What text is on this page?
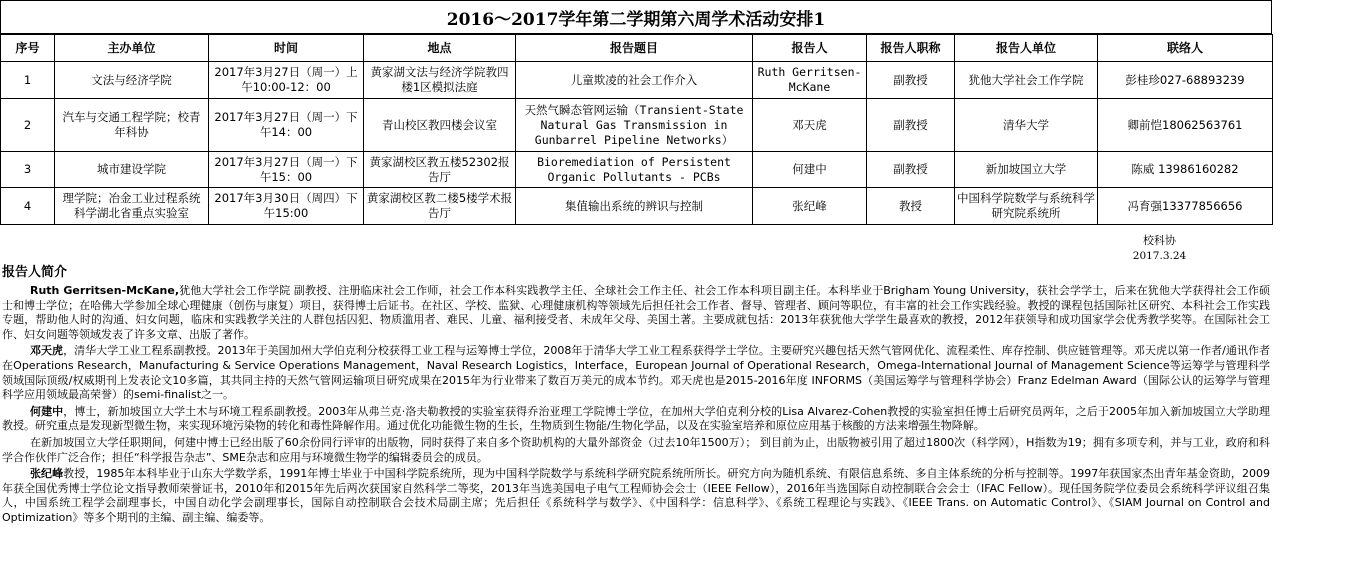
2016～2017学年第二学期第六周学术活动安排1
序号	主办单位	时间	地点	报告题目	报告人	报告人职称	报告人单位	联络人
1	文法与经济学院	2017年3月27日（周一）上午10:00-12：00	黄家湖文法与经济学院教四楼1区模拟法庭	儿童欺凌的社会工作介入	Ruth Gerritsen-McKane	副教授	犹他大学社会工作学院	彭桂珍027-68893239
2	汽车与交通工程学院；校青年科协	2017年3月27日（周一）下午14：00	青山校区教四楼会议室	天然气瞬态管网运输（Transient-State Natural Gas Transmission in Gunbarrel Pipeline Networks）	邓天虎	副教授	清华大学	卿前恺18062563761
3	城市建设学院	2017年3月27日（周一）下午15：00	黄家湖校区教五楼52302报告厅	Bioremediation of Persistent Organic Pollutants - PCBs	何建中	副教授	新加坡国立大学	陈威 13986160282
4	理学院；冶金工业过程系统科学湖北省重点实验室	2017年3月30日（周四）下午15:00	黄家湖校区教二楼5楼学术报告厅	集值输出系统的辨识与控制	张纪峰	教授	中国科学院数学与系统科学研究院系统所	冯育强13377856656
校科协
2017.3.24
报告人简介

Ruth Gerritsen-McKane,犹他大学社会工作学院 副教授、注册临床社会工作师，社会工作本科实践教学主任、全球社会工作主任、社会工作本科项目副主任。本科毕业于Brigham Young University，获社会学学士，后来在犹他大学获得社会工作硕士和博士学位；在哈佛大学参加全球心理健康（创伤与康复）项目，获得博士后证书。在社区、学校、监狱、心理健康机构等领域先后担任社会工作者、督导、管理者、顾问等职位，有丰富的社会工作实践经验。教授的课程包括国际社区研究、本科社会工作实践专题，帮助他人时的沟通、妇女问题，临床和实践教学关注的人群包括囚犯、物质滥用者、难民、儿童、福利接受者、未成年父母、美国土著。主要成就包括：2013年获犹他大学学生最喜欢的教授，2012年获领导和成功国家学会优秀教学奖等。在国际社会工作、妇女问题等领域发表了许多文章、出版了著作。

邓天虎，清华大学工业工程系副教授。2013年于美国加州大学伯克利分校获得工业工程与运筹博士学位，2008年于清华大学工业工程系获得学士学位。主要研究兴趣包括天然气管网优化、流程柔性、库存控制、供应链管理等。邓天虎以第一作者/通讯作者在Operations Research，Manufacturing & Service Operations Management，Naval Research Logistics，Interface，European Journal of Operational Research，Omega-International Journal of Management Science等运筹学与管理科学领域国际顶级/权威期刊上发表论文10多篇，其共同主持的天然气管网运输项目研究成果在2015年为行业带来了数百万美元的成本节约。邓天虎也是2015-2016年度 INFORMS（美国运筹学与管理科学协会）Franz Edelman Award（国际公认的运筹学与管理科学应用领域最高荣誉）的semi-finalist之一。

何建中，博士，新加坡国立大学土木与环境工程系副教授。2003年从弗兰克·洛夫勒教授的实验室获得乔治亚理工学院博士学位，在加州大学伯克利分校的Lisa Alvarez-Cohen教授的实验室担任博士后研究员两年，之后于2005年加入新加坡国立大学助理教授。研究重点是发现新型微生物，来实现环境污染物的转化和毒性降解作用。通过优化功能微生物的生长，生物质到生物能/生物化学品，以及在实验室培养和原位应用基于核酸的方法来增强生物降解。

在新加坡国立大学任职期间，何建中博士已经出版了60余份同行评审的出版物，同时获得了来自多个资助机构的大量外部资金（过去10年1500万）； 到目前为止，出版物被引用了超过1800次（科学网），H指数为19；拥有多项专利，并与工业，政府和科学合作伙伴广泛合作；担任“科学报告杂志”、SME杂志和应用与环境微生物学的编辑委员会的成员。

张纪峰教授，1985年本科毕业于山东大学数学系，1991年博士毕业于中国科学院系统所，现为中国科学院数学与系统科学研究院系统所所长。研究方向为随机系统、有限信息系统、多自主体系统的分析与控制等。1997年获国家杰出青年基金资助，2009年获全国优秀博士学位论文指导教师荣誉证书，2010年和2015年先后两次获国家自然科学二等奖，2013年当选美国电子电气工程师协会会士（IEEE Fellow），2016年当选国际自动控制联合会会士（IFAC Fellow）。现任国务院学位委员会系统科学评议组召集人，中国系统工程学会副理事长，中国自动化学会副理事长，国际自动控制联合会技术局副主席；先后担任《系统科学与数学》、《中国科学：信息科学》、《系统工程理论与实践》、《IEEE Trans. on Automatic Control》、《SIAM Journal on Control and Optimization》等多个期刊的主编、副主编、编委等。
